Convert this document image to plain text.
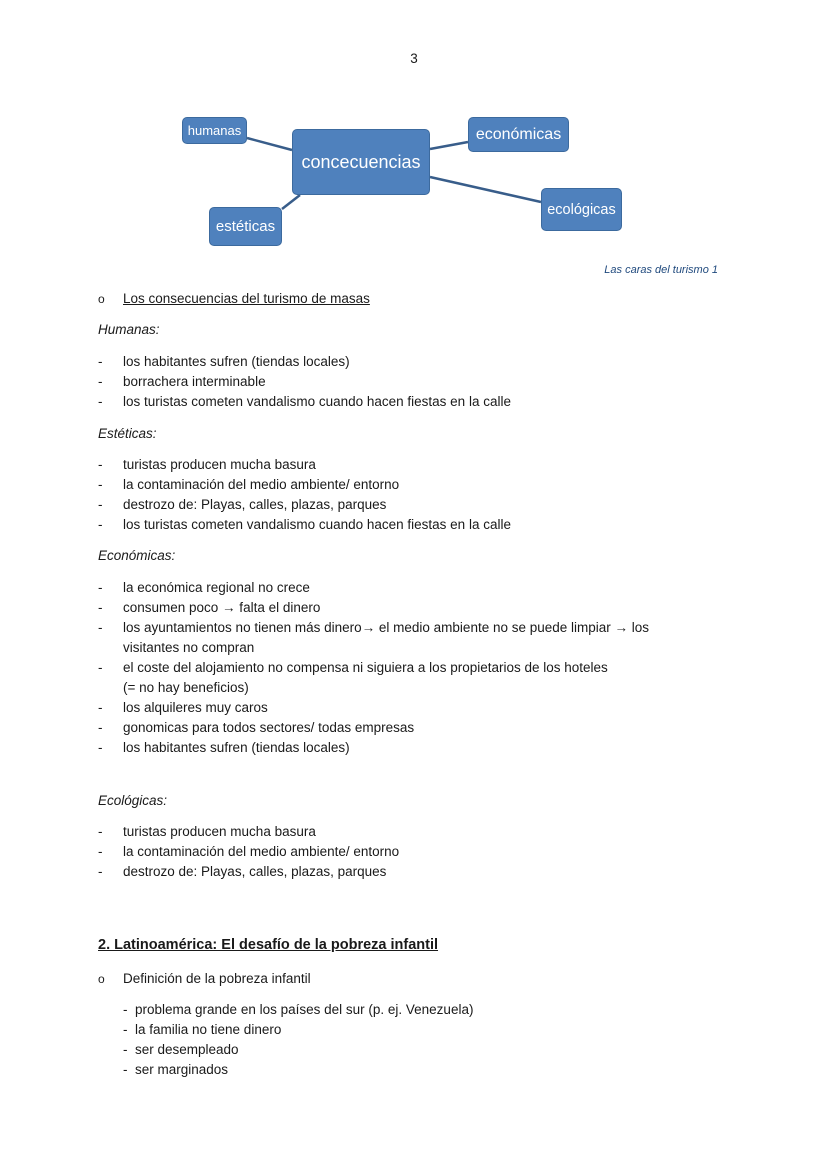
3
concecuencias
humanas	económicas
ecológicas
estéticas
Las caras del turismo 1
o Los consecuencias del turismo de masas
Humanas:
- los habitantes sufren (tiendas locales)
- borrachera interminable
- los turistas cometen vandalismo cuando hacen fiestas en la calle
Estéticas:
- turistas producen mucha basura
- la contaminación del medio ambiente/ entorno
- destrozo de: Playas, calles, plazas, parques
- los turistas cometen vandalismo cuando hacen fiestas en la calle
Económicas:
- la económica regional no crece
- consumen poco → falta el dinero
- los ayuntamientos no tienen más dinero→ el medio ambiente no se puede limpiar → los
visitantes no compran
- el coste del alojamiento no compensa ni siguiera a los propietarios de los hoteles
(= no hay beneficios)
- los alquileres muy caros
- gonomicas para todos sectores/ todas empresas
- los habitantes sufren (tiendas locales)
Ecológicas:
- turistas producen mucha basura
- la contaminación del medio ambiente/ entorno
- destrozo de: Playas, calles, plazas, parques
2. Latinoamérica: El desafío de la pobreza infantil
o Definición de la pobreza infantil
- problema grande en los países del sur (p. ej. Venezuela)
- la familia no tiene dinero
- ser desempleado
- ser marginados
